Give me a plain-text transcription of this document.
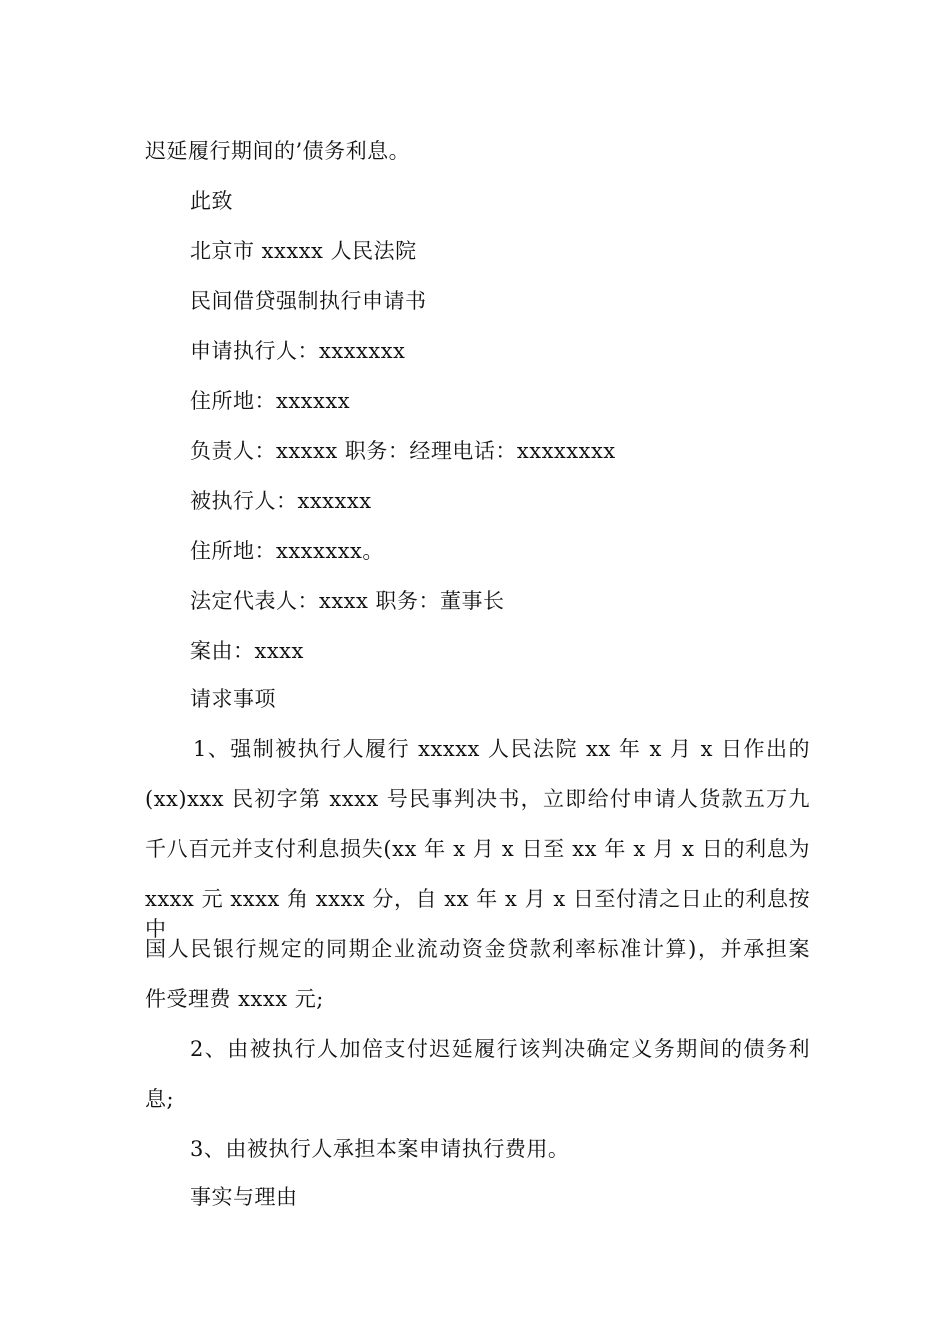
迟延履行期间的’债务利息。
此致
北京市 xxxxx 人民法院
民间借贷强制执行申请书
申请执行人：xxxxxxx
住所地：xxxxxx
负责人：xxxxx 职务：经理电话：xxxxxxxx
被执行人：xxxxxx
住所地：xxxxxxx。
法定代表人：xxxx 职务：董事长
案由：xxxx
请求事项
1、强制被执行人履行 xxxxx 人民法院 xx 年 x 月 x 日作出的
(xx)xxx 民初字第 xxxx 号民事判决书，立即给付申请人货款五万九
千八百元并支付利息损失(xx 年 x 月 x 日至 xx 年 x 月 x 日的利息为
xxxx 元 xxxx 角 xxxx 分，自 xx 年 x 月 x 日至付清之日止的利息按中
国人民银行规定的同期企业流动资金贷款利率标准计算)，并承担案
件受理费 xxxx 元;
2、由被执行人加倍支付迟延履行该判决确定义务期间的债务利
息;
3、由被执行人承担本案申请执行费用。
事实与理由
